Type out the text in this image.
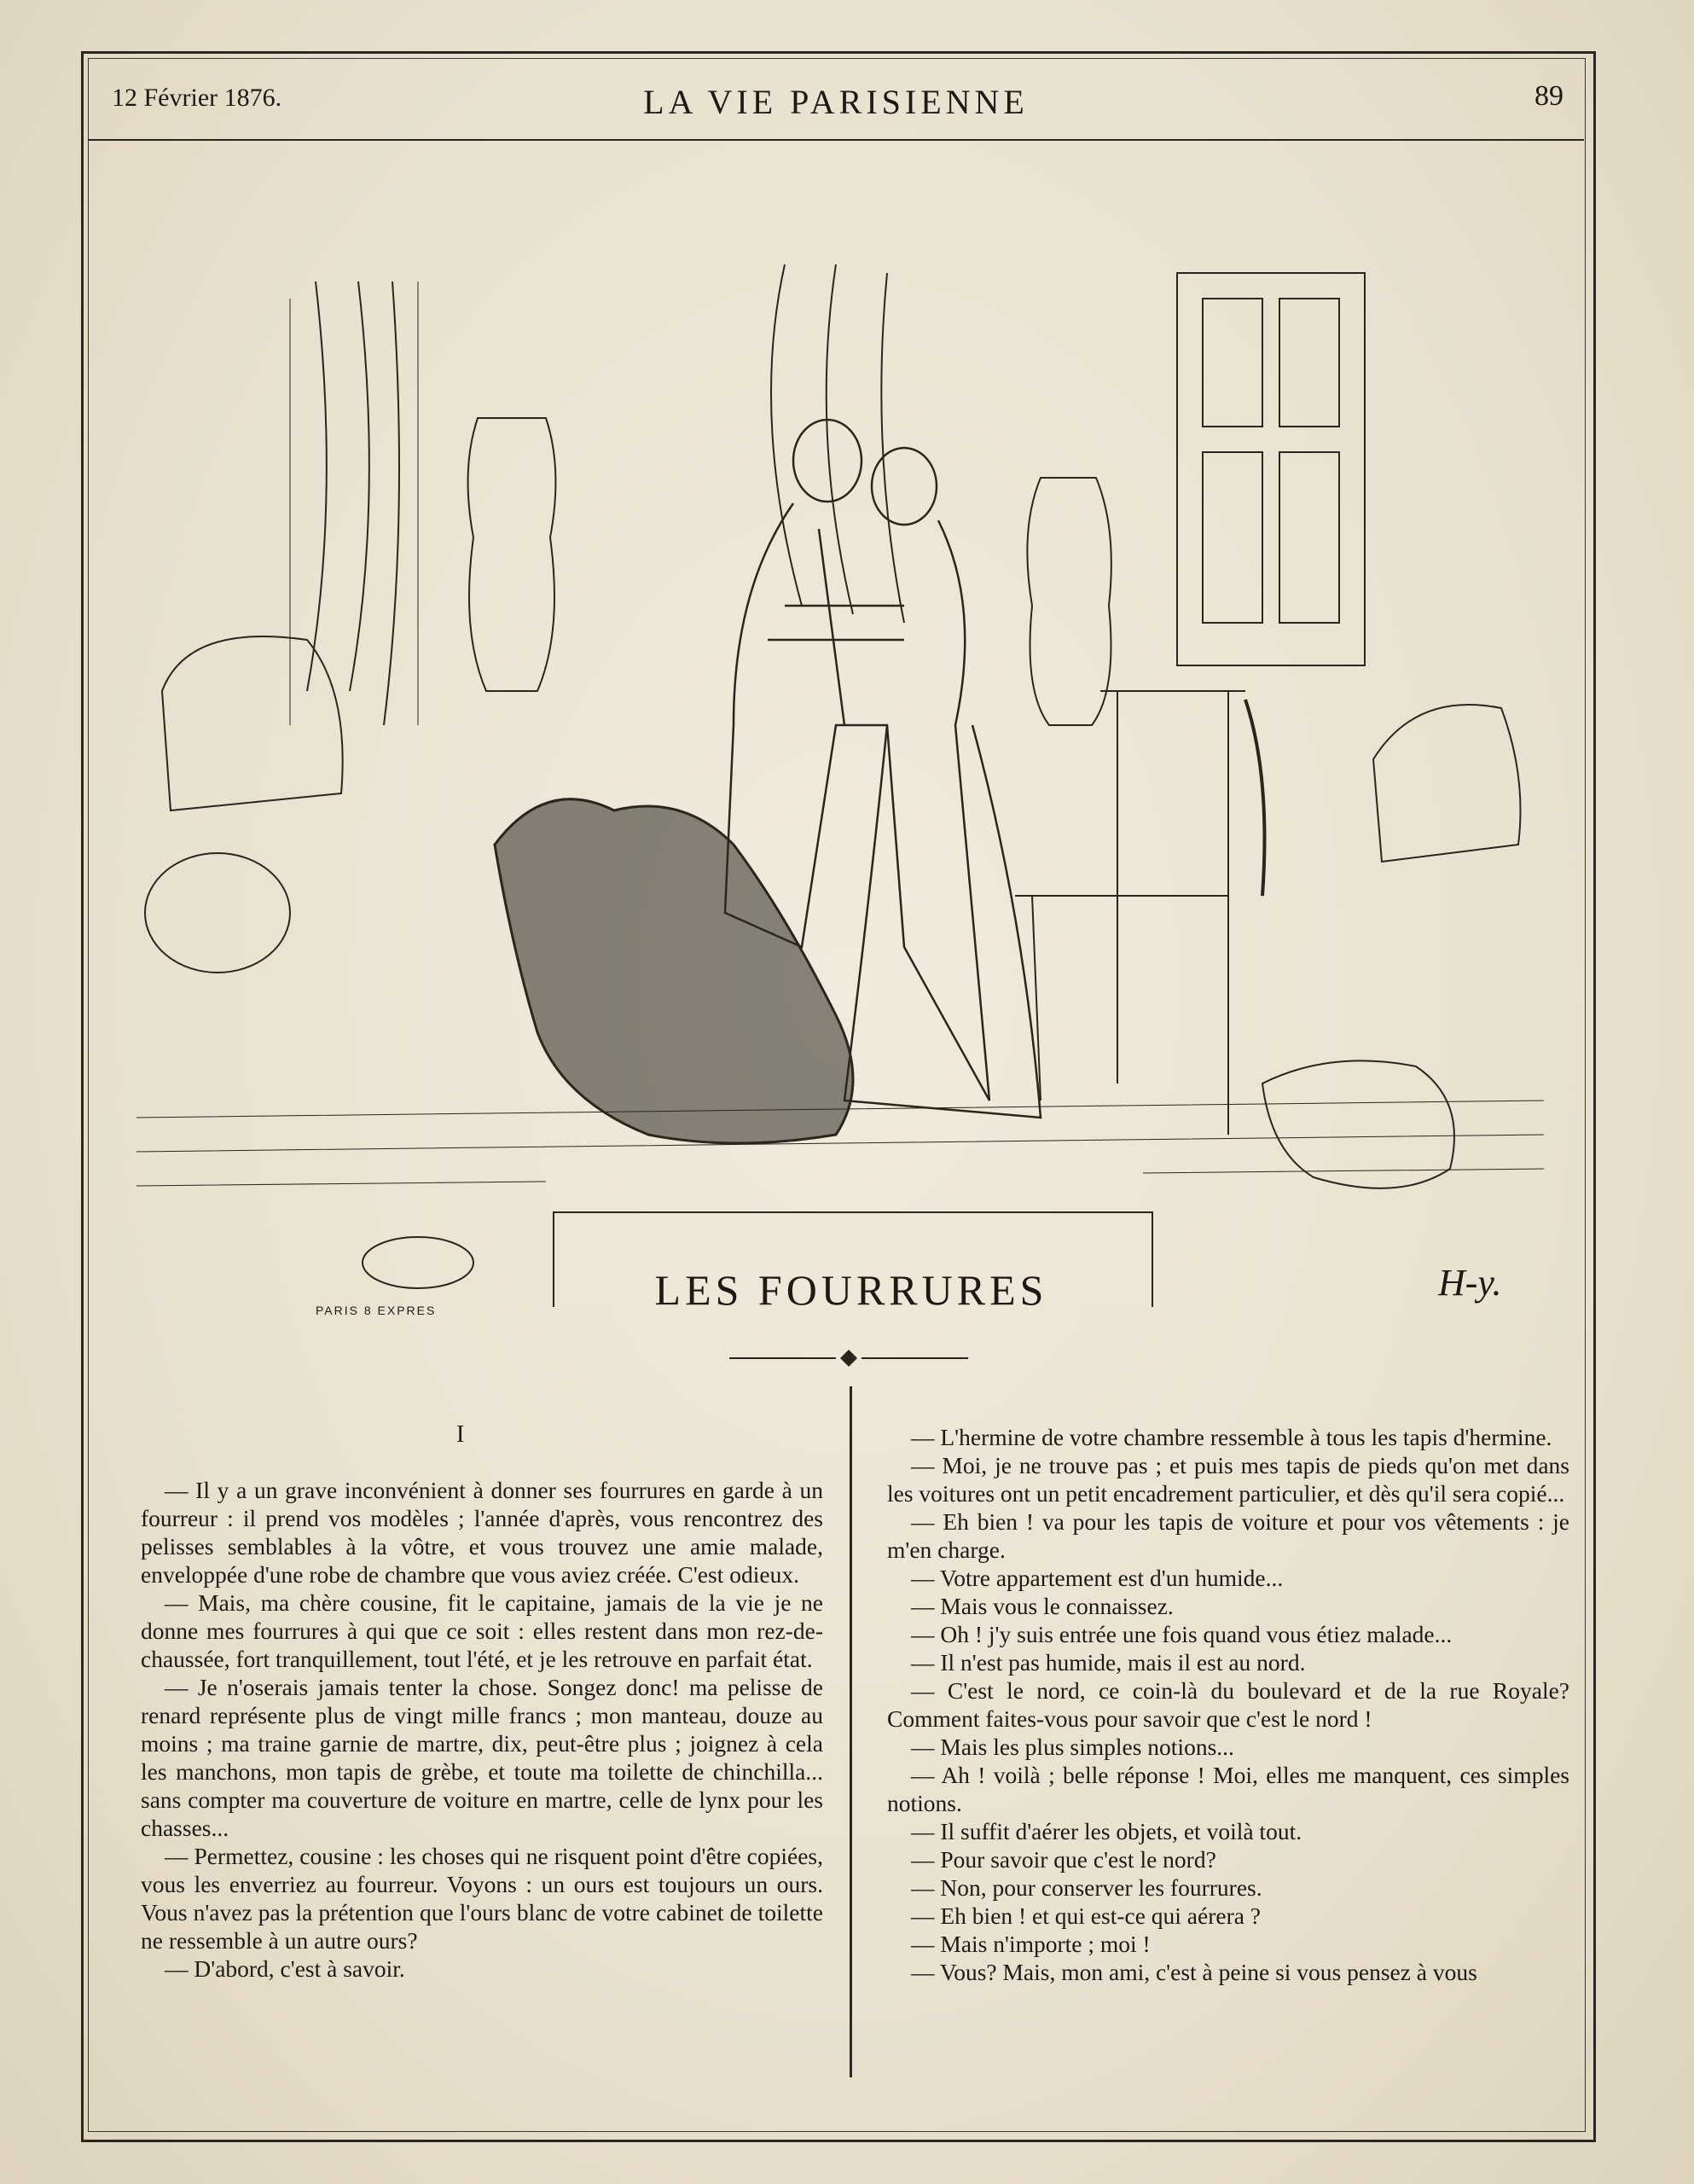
12 Février 1876.	LA VIE PARISIENNE	89
LES FOURRURES	H-y.
PARIS 8 EXPRES
I

— Il y a un grave inconvénient à donner ses fourrures en garde à un fourreur : il prend vos modèles ; l'année d'après, vous rencontrez des pelisses semblables à la vôtre, et vous trouvez une amie malade, enveloppée d'une robe de chambre que vous aviez créée. C'est odieux.

— Mais, ma chère cousine, fit le capitaine, jamais de la vie je ne donne mes fourrures à qui que ce soit : elles restent dans mon rez-de-chaussée, fort tranquillement, tout l'été, et je les retrouve en parfait état.

— Je n'oserais jamais tenter la chose. Songez donc! ma pelisse de renard représente plus de vingt mille francs ; mon manteau, douze au moins ; ma traine garnie de martre, dix, peut-être plus ; joignez à cela les manchons, mon tapis de grèbe, et toute ma toilette de chinchilla... sans compter ma couverture de voiture en martre, celle de lynx pour les chasses...

— Permettez, cousine : les choses qui ne risquent point d'être copiées, vous les enverriez au fourreur. Voyons : un ours est toujours un ours. Vous n'avez pas la prétention que l'ours blanc de votre cabinet de toilette ne ressemble à un autre ours?

— D'abord, c'est à savoir.

— L'hermine de votre chambre ressemble à tous les tapis d'hermine.

— Moi, je ne trouve pas ; et puis mes tapis de pieds qu'on met dans les voitures ont un petit encadrement particulier, et dès qu'il sera copié...

— Eh bien ! va pour les tapis de voiture et pour vos vêtements : je m'en charge.

— Votre appartement est d'un humide...

— Mais vous le connaissez.

— Oh ! j'y suis entrée une fois quand vous étiez malade...

— Il n'est pas humide, mais il est au nord.

— C'est le nord, ce coin-là du boulevard et de la rue Royale? Comment faites-vous pour savoir que c'est le nord !

— Mais les plus simples notions...

— Ah ! voilà ; belle réponse ! Moi, elles me manquent, ces simples notions.

— Il suffit d'aérer les objets, et voilà tout.

— Pour savoir que c'est le nord?

— Non, pour conserver les fourrures.

— Eh bien ! et qui est-ce qui aérera ?

— Mais n'importe ; moi !

— Vous? Mais, mon ami, c'est à peine si vous pensez à vous
